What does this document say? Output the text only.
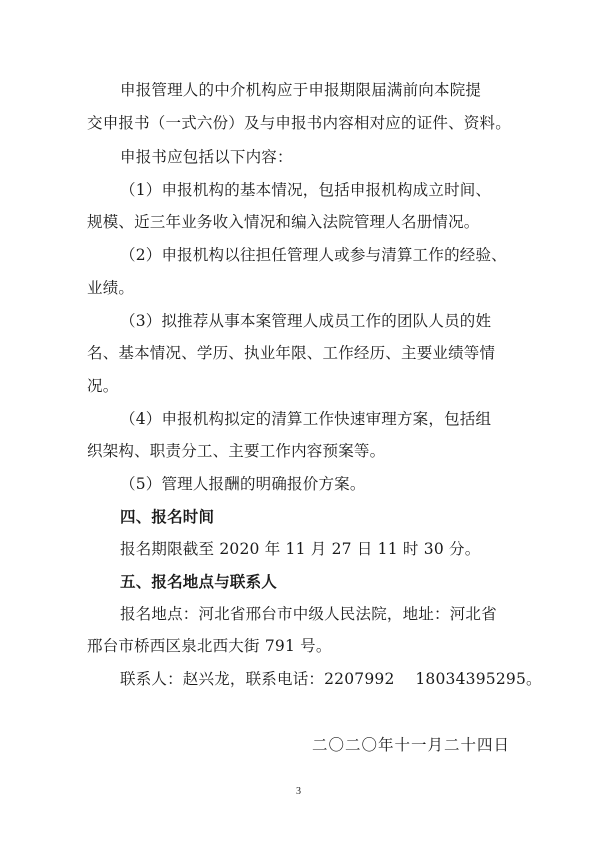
申报管理人的中介机构应于申报期限届满前向本院提
交申报书（一式六份）及与申报书内容相对应的证件、资料。
申报书应包括以下内容：
（1）申报机构的基本情况，包括申报机构成立时间、
规模、近三年业务收入情况和编入法院管理人名册情况。
（2）申报机构以往担任管理人或参与清算工作的经验、
业绩。
（3）拟推荐从事本案管理人成员工作的团队人员的姓
名、基本情况、学历、执业年限、工作经历、主要业绩等情
况。
（4）申报机构拟定的清算工作快速审理方案，包括组
织架构、职责分工、主要工作内容预案等。
（5）管理人报酬的明确报价方案。
四、报名时间
报名期限截至 2020 年 11 月 27 日 11 时 30 分。
五、报名地点与联系人
报名地点：河北省邢台市中级人民法院，地址：河北省
邢台市桥西区泉北西大街 791 号。
联系人：赵兴龙，联系电话：2207992　 18034395295。
二〇二〇年十一月二十四日
3
